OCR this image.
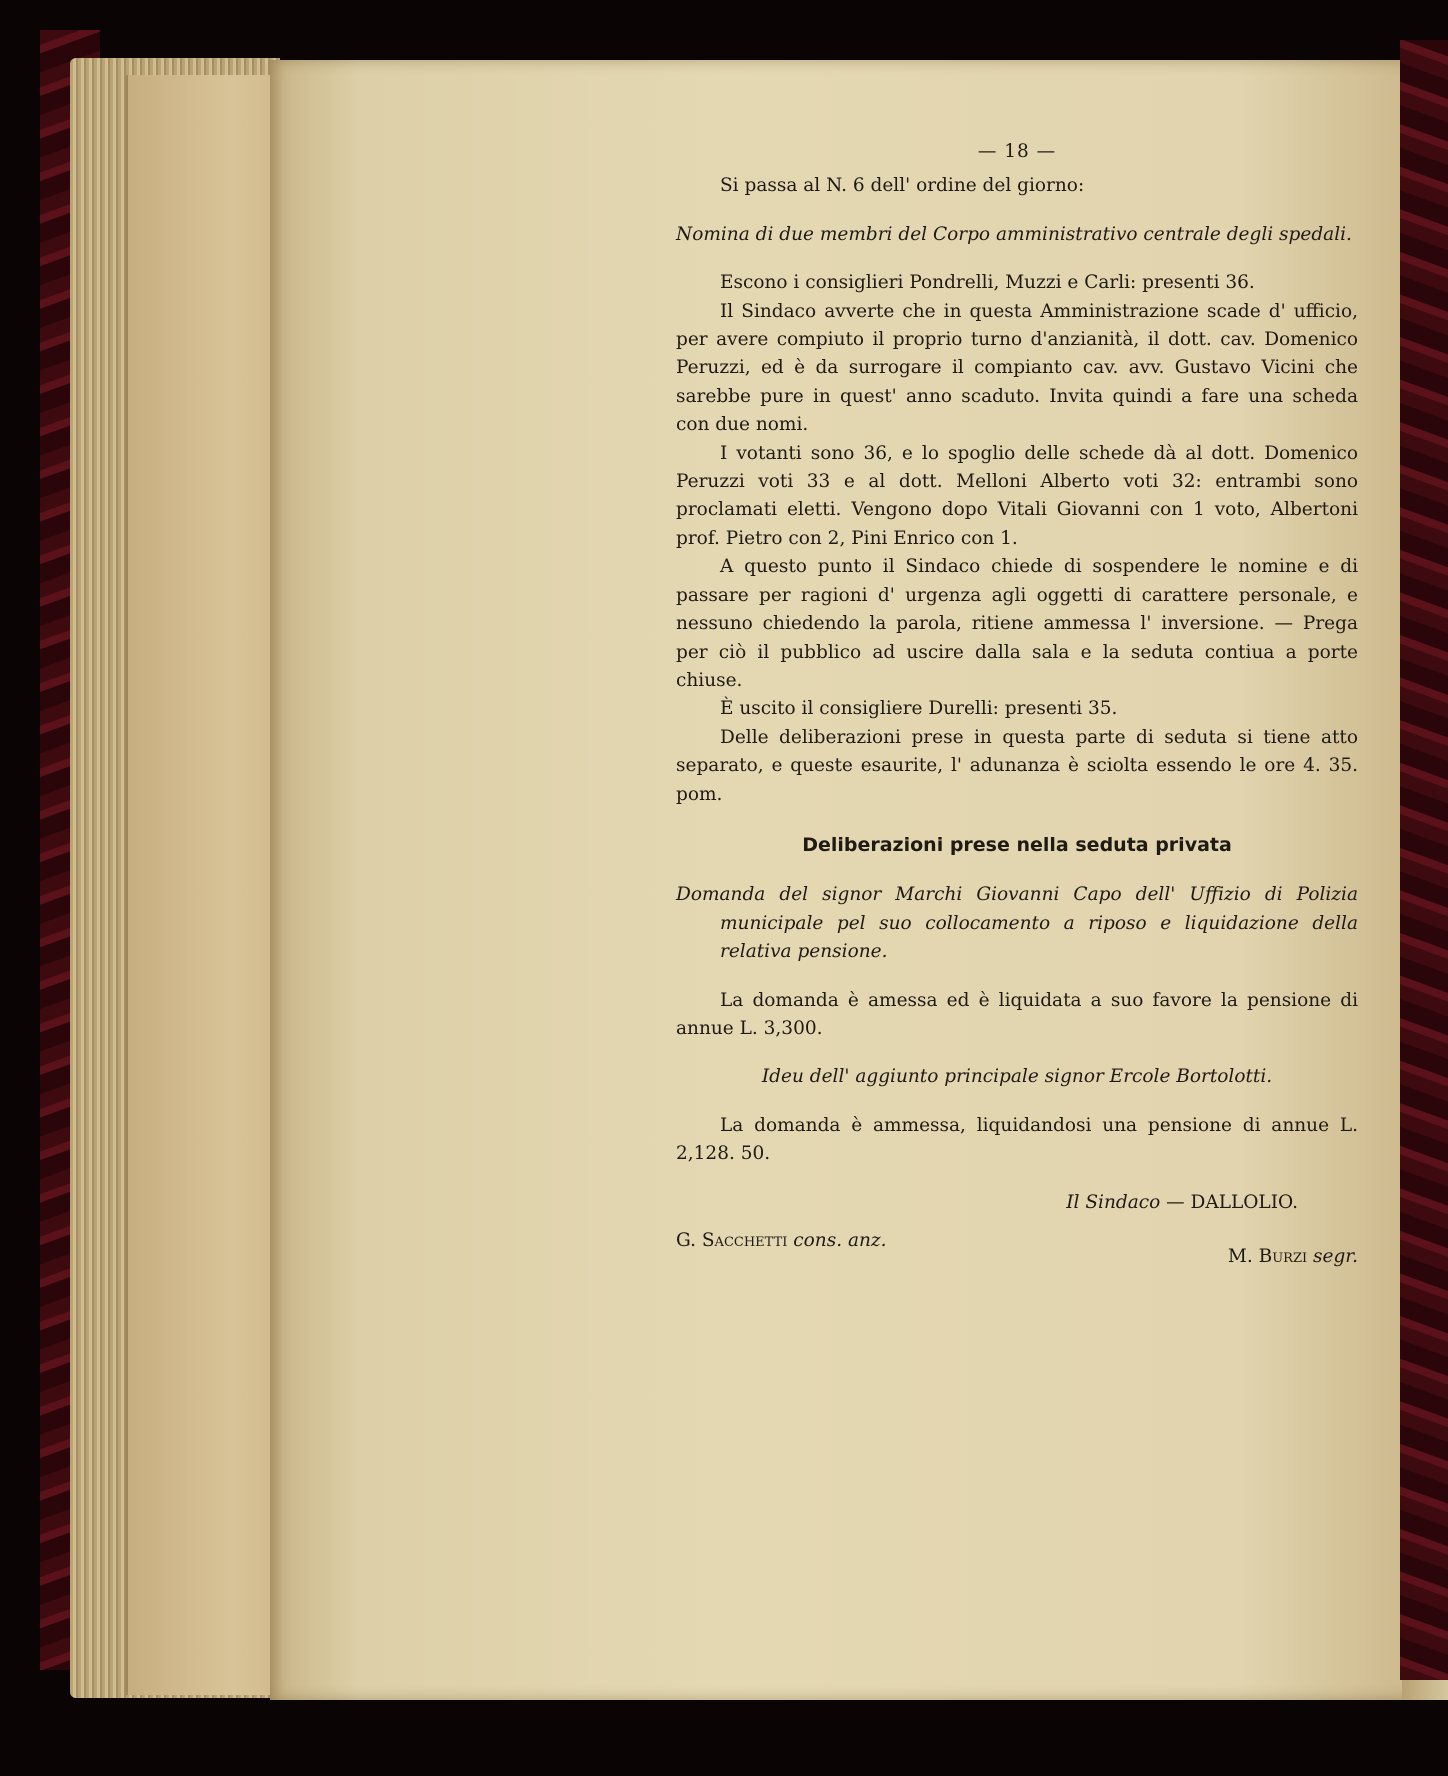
— 18 —

Si passa al N. 6 dell' ordine del giorno:

Nomina di due membri del Corpo amministrativo centrale degli spedali.

Escono i consiglieri Pondrelli, Muzzi e Carli: presenti 36.

Il Sindaco avverte che in questa Amministrazione scade d' ufficio, per avere compiuto il proprio turno d'anzianità, il dott. cav. Domenico Peruzzi, ed è da surrogare il compianto cav. avv. Gustavo Vicini che sarebbe pure in quest' anno scaduto. Invita quindi a fare una scheda con due nomi.

I votanti sono 36, e lo spoglio delle schede dà al dott. Domenico Peruzzi voti 33 e al dott. Melloni Alberto voti 32: entrambi sono proclamati eletti. Vengono dopo Vitali Giovanni con 1 voto, Albertoni prof. Pietro con 2, Pini Enrico con 1.

A questo punto il Sindaco chiede di sospendere le nomine e di passare per ragioni d' urgenza agli oggetti di carattere personale, e nessuno chiedendo la parola, ritiene ammessa l' inversione. — Prega per ciò il pubblico ad uscire dalla sala e la seduta contiua a porte chiuse.

È uscito il consigliere Durelli: presenti 35.

Delle deliberazioni prese in questa parte di seduta si tiene atto separato, e queste esaurite, l' adunanza è sciolta essendo le ore 4. 35. pom.

Deliberazioni prese nella seduta privata

Domanda del signor Marchi Giovanni Capo dell' Uffizio di Polizia municipale pel suo collocamento a riposo e liquidazione della relativa pensione.

La domanda è amessa ed è liquidata a suo favore la pensione di annue L. 3,300.

Ideu dell' aggiunto principale signor Ercole Bortolotti.

La domanda è ammessa, liquidandosi una pensione di annue L. 2,128. 50.

Il Sindaco — DALLOLIO.

G. Sacchetti cons. anz.
M. Burzi segr.
